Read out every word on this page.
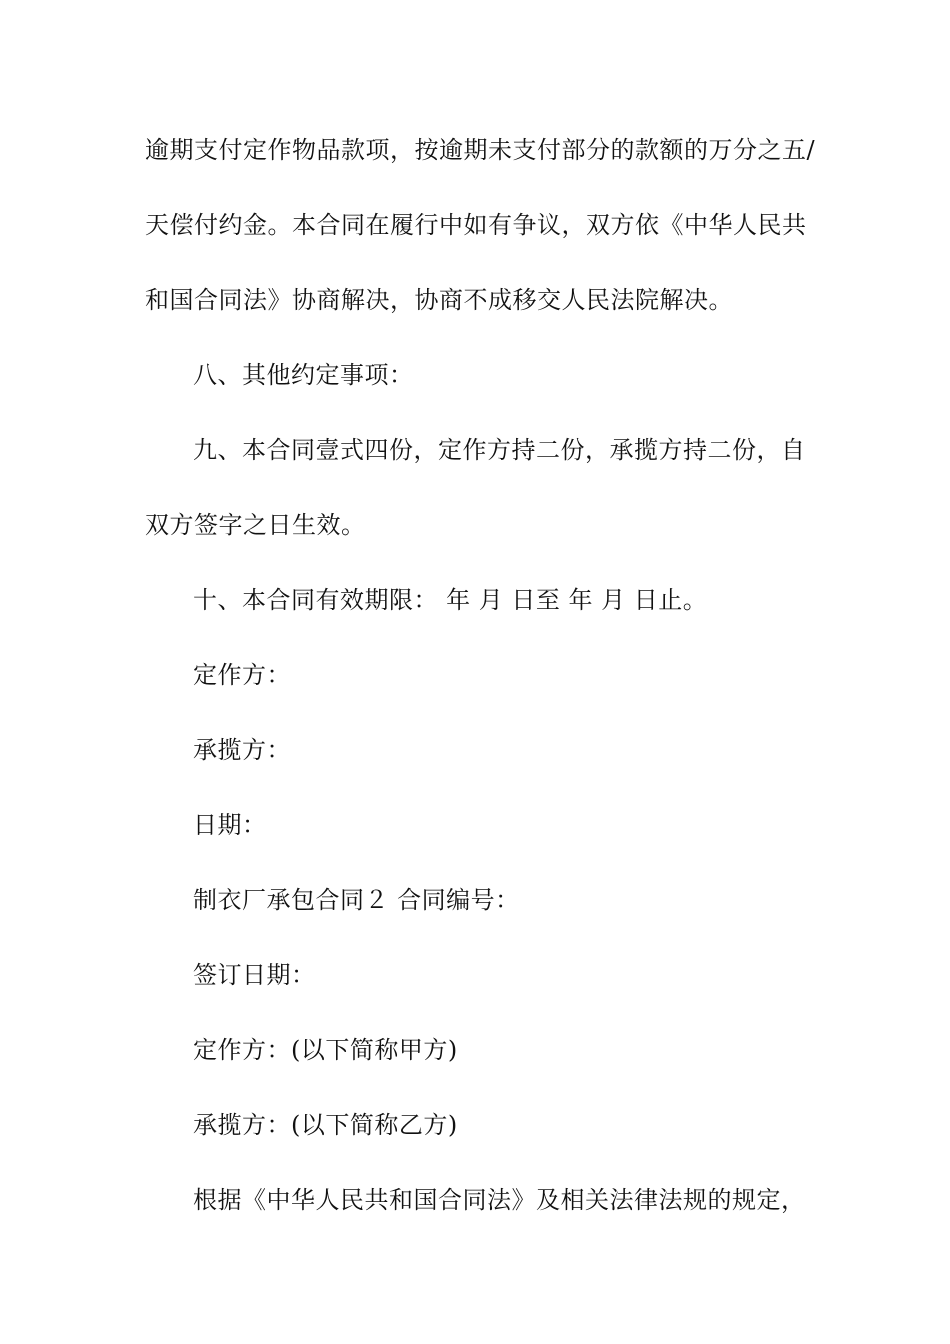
逾期支付定作物品款项，按逾期未支付部分的款额的万分之五/
天偿付约金。本合同在履行中如有争议，双方依《中华人民共
和国合同法》协商解决，协商不成移交人民法院解决。
八、其他约定事项：
九、本合同壹式四份，定作方持二份，承揽方持二份，自
双方签字之日生效。
十、本合同有效期限： 年 月 日至 年 月 日止。
定作方：
承揽方：
日期：
制衣厂承包合同２ 合同编号：
签订日期：
定作方：(以下简称甲方)
承揽方：(以下简称乙方)
根据《中华人民共和国合同法》及相关法律法规的规定，
